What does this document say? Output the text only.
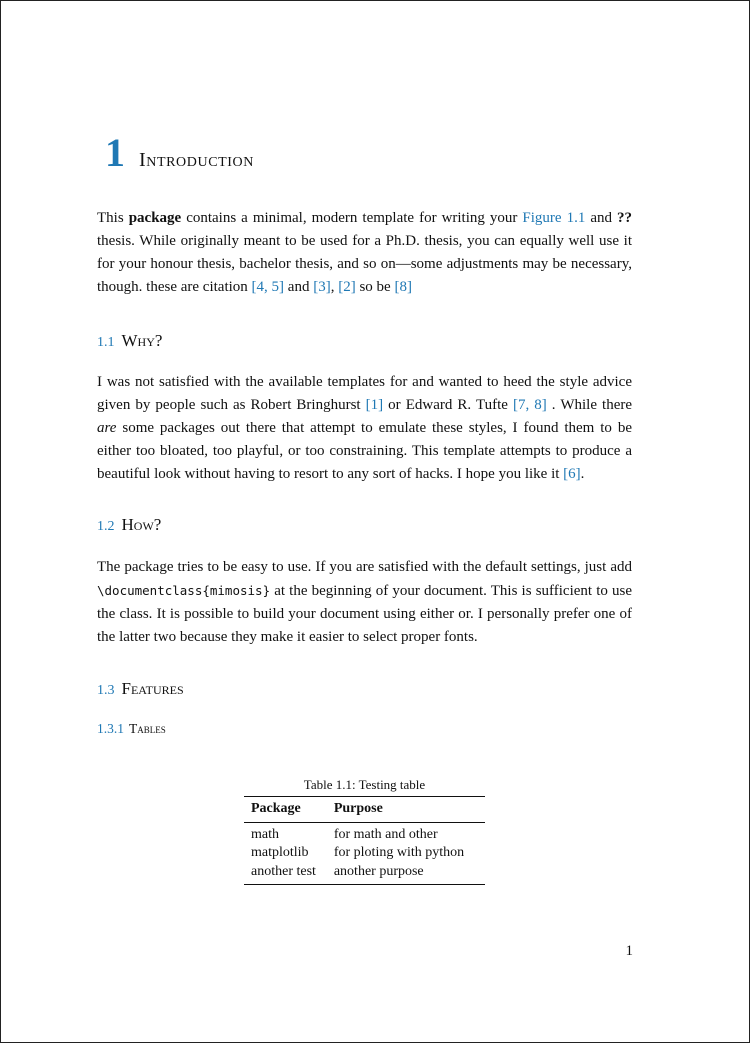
1 Introduction

This package contains a minimal, modern template for writing your Figure 1.1 and ?? thesis. While originally meant to be used for a Ph.D. thesis, you can equally well use it for your honour thesis, bachelor thesis, and so on—some adjustments may be necessary, though. these are citation [4, 5] and [3], [2] so be [8]

1.1 Why?

I was not satisfied with the available templates for and wanted to heed the style advice given by people such as Robert Bringhurst [1] or Edward R. Tufte [7, 8] . While there are some packages out there that attempt to emulate these styles, I found them to be either too bloated, too playful, or too constraining. This template attempts to produce a beautiful look without having to resort to any sort of hacks. I hope you like it [6].

1.2 How?

The package tries to be easy to use. If you are satisfied with the default settings, just add \documentclass{mimosis} at the beginning of your document. This is sufficient to use the class. It is possible to build your document using either or. I personally prefer one of the latter two because they make it easier to select proper fonts.

1.3 Features
1.3.1 Tables
Table 1.1: Testing table
Package	Purpose
math	for math and other
matplotlib	for ploting with python
another test	another purpose
1
